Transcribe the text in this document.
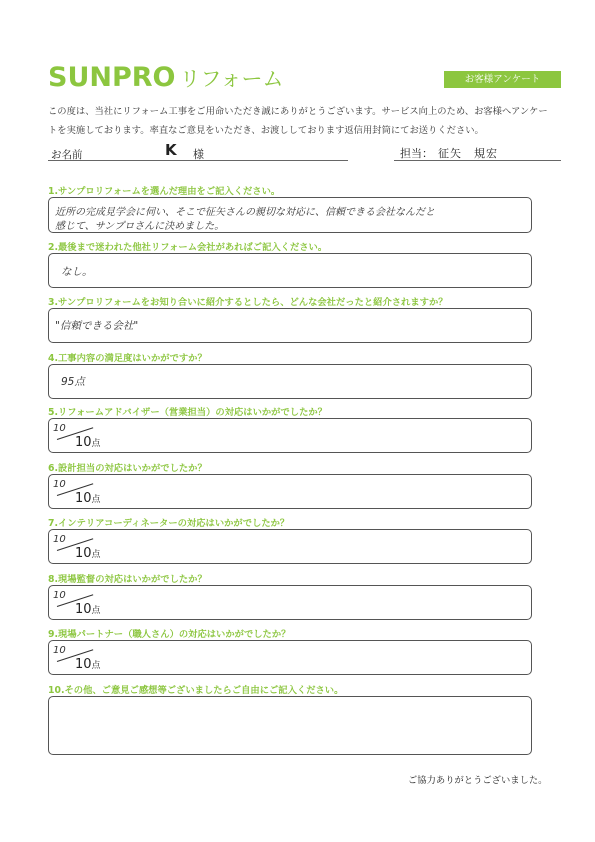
SUNPRO リフォーム	お客様アンケート
この度は、当社にリフォーム工事をご用命いただき誠にありがとうございます。サービス向上のため、お客様へアンケー
トを実施しております。率直なご意見をいただき、お渡ししております返信用封筒にてお送りください。
お名前	K 様	担当： 征矢　規宏
1.サンプロリフォームを選んだ理由をご記入ください。
近所の完成見学会に伺い、そこで征矢さんの親切な対応に、信頼できる会社なんだと
感じて、サンプロさんに決めました。
2.最後まで迷われた他社リフォーム会社があればご記入ください。
なし。
3.サンプロリフォームをお知り合いに紹介するとしたら、どんな会社だったと紹介されますか？
"信頼できる会社"
4.工事内容の満足度はいかがですか？
95点
5.リフォームアドバイザー（営業担当）の対応はいかがでしたか？
10
10点
6.設計担当の対応はいかがでしたか？
10
10点
7.インテリアコーディネーターの対応はいかがでしたか？
10
10点
8.現場監督の対応はいかがでしたか？
10
10点
9.現場パートナー（職人さん）の対応はいかがでしたか？
10
10点
10.その他、ご意見ご感想等ございましたらご自由にご記入ください。
ご協力ありがとうございました。
